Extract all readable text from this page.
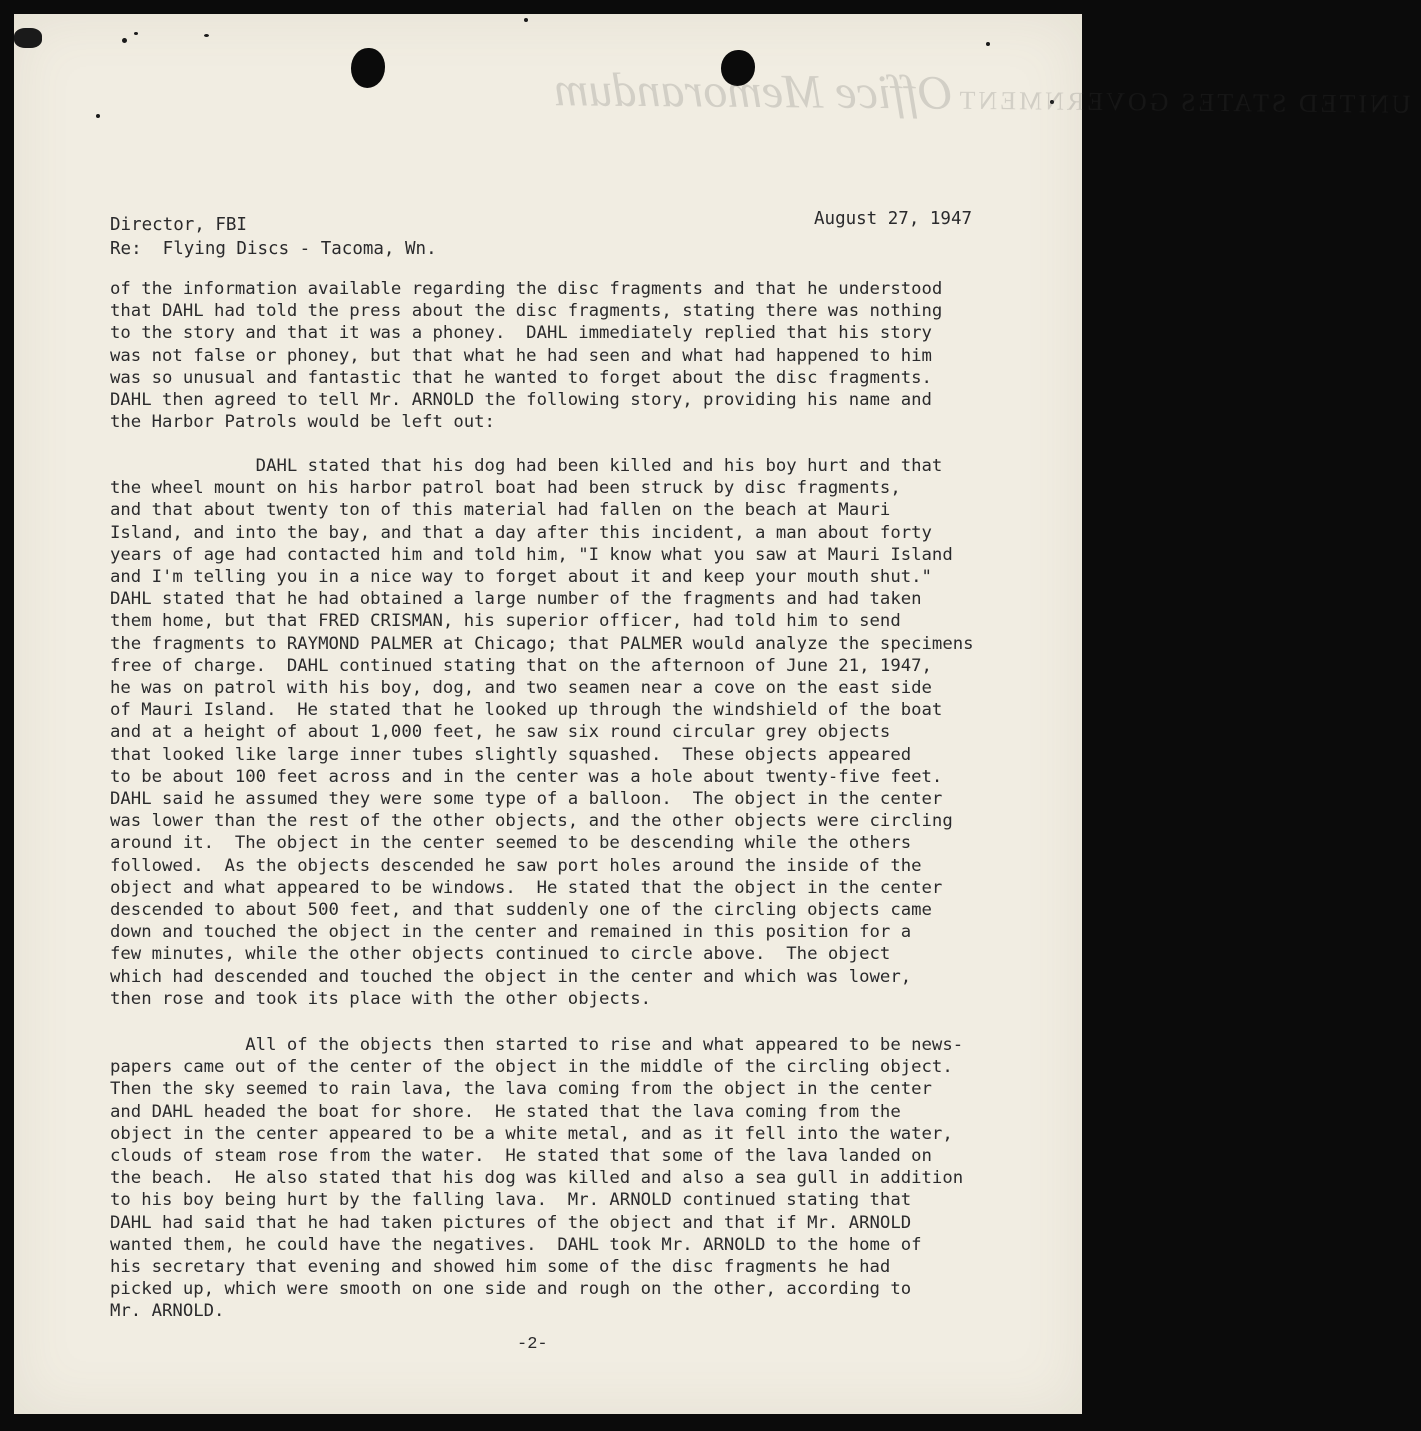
UNITED STATES GOVERNMENT Office Memorandum
Director, FBI	August 27, 1947
Re:  Flying Discs - Tacoma, Wn.
of the information available regarding the disc fragments and that he understood
that DAHL had told the press about the disc fragments, stating there was nothing
to the story and that it was a phoney.  DAHL immediately replied that his story
was not false or phoney, but that what he had seen and what had happened to him
was so unusual and fantastic that he wanted to forget about the disc fragments.
DAHL then agreed to tell Mr. ARNOLD the following story, providing his name and
the Harbor Patrols would be left out:
DAHL stated that his dog had been killed and his boy hurt and that
the wheel mount on his harbor patrol boat had been struck by disc fragments,
and that about twenty ton of this material had fallen on the beach at Mauri
Island, and into the bay, and that a day after this incident, a man about forty
years of age had contacted him and told him, "I know what you saw at Mauri Island
and I'm telling you in a nice way to forget about it and keep your mouth shut."
DAHL stated that he had obtained a large number of the fragments and had taken
them home, but that FRED CRISMAN, his superior officer, had told him to send
the fragments to RAYMOND PALMER at Chicago; that PALMER would analyze the specimens
free of charge.  DAHL continued stating that on the afternoon of June 21, 1947,
he was on patrol with his boy, dog, and two seamen near a cove on the east side
of Mauri Island.  He stated that he looked up through the windshield of the boat
and at a height of about 1,000 feet, he saw six round circular grey objects
that looked like large inner tubes slightly squashed.  These objects appeared
to be about 100 feet across and in the center was a hole about twenty-five feet.
DAHL said he assumed they were some type of a balloon.  The object in the center
was lower than the rest of the other objects, and the other objects were circling
around it.  The object in the center seemed to be descending while the others
followed.  As the objects descended he saw port holes around the inside of the
object and what appeared to be windows.  He stated that the object in the center
descended to about 500 feet, and that suddenly one of the circling objects came
down and touched the object in the center and remained in this position for a
few minutes, while the other objects continued to circle above.  The object
which had descended and touched the object in the center and which was lower,
then rose and took its place with the other objects.
All of the objects then started to rise and what appeared to be news-
papers came out of the center of the object in the middle of the circling object.
Then the sky seemed to rain lava, the lava coming from the object in the center
and DAHL headed the boat for shore.  He stated that the lava coming from the
object in the center appeared to be a white metal, and as it fell into the water,
clouds of steam rose from the water.  He stated that some of the lava landed on
the beach.  He also stated that his dog was killed and also a sea gull in addition
to his boy being hurt by the falling lava.  Mr. ARNOLD continued stating that
DAHL had said that he had taken pictures of the object and that if Mr. ARNOLD
wanted them, he could have the negatives.  DAHL took Mr. ARNOLD to the home of
his secretary that evening and showed him some of the disc fragments he had
picked up, which were smooth on one side and rough on the other, according to
Mr. ARNOLD.
-2-
